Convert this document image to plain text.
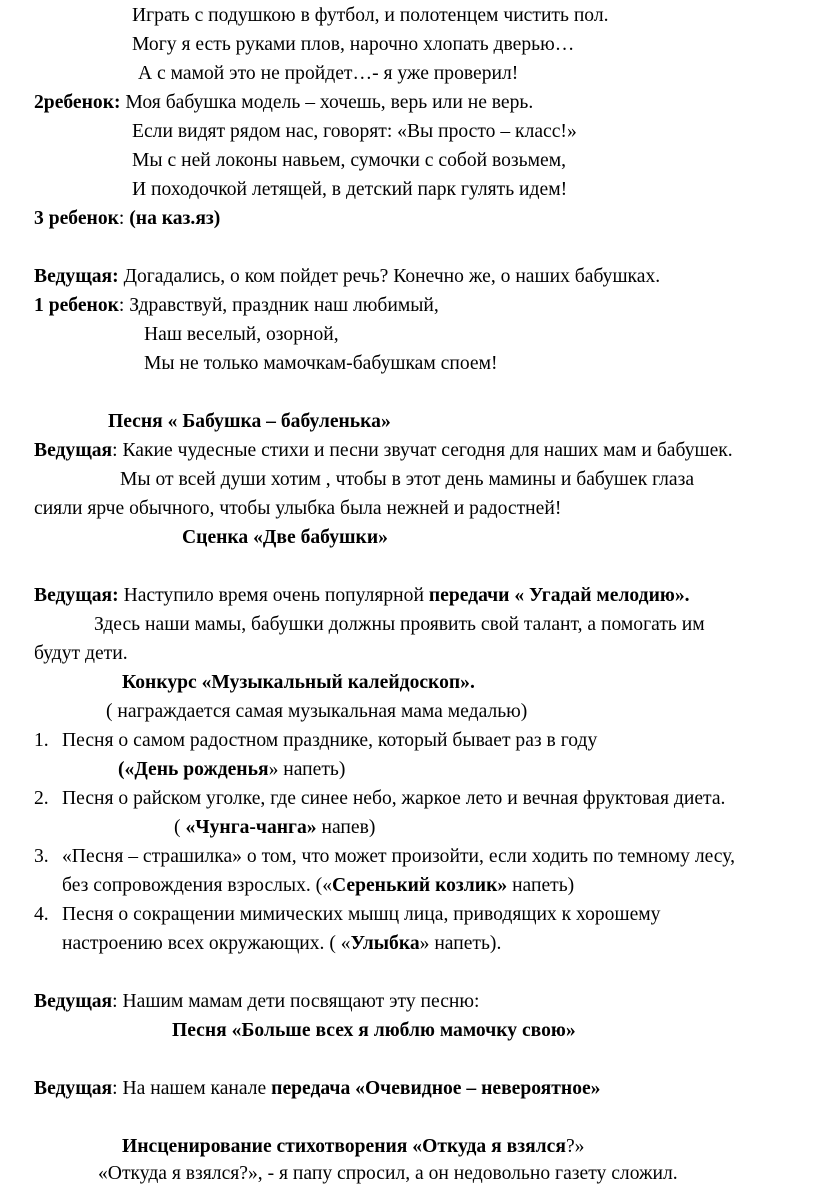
Играть с подушкою в футбол, и полотенцем чистить пол.
Могу я есть руками плов, нарочно хлопать дверью…
А с мамой это не пройдет…- я уже проверил!
2ребенок: Моя бабушка модель – хочешь, верь или не верь.
Если видят рядом нас, говорят: «Вы просто – класс!»
Мы с ней локоны навьем, сумочки с собой возьмем,
И походочкой летящей, в детский парк гулять идем!
3 ребенок: (на каз.яз)
Ведущая: Догадались, о ком пойдет речь? Конечно же, о наших бабушках.
1 ребенок: Здравствуй, праздник наш любимый,
Наш веселый, озорной,
Мы не только мамочкам-бабушкам споем!
Песня « Бабушка – бабуленька»
Ведущая: Какие чудесные стихи и песни звучат сегодня для наших мам и бабушек.
Мы от всей души хотим , чтобы в этот день мамины и бабушек глаза
сияли ярче обычного, чтобы улыбка была нежней и радостней!
Сценка «Две бабушки»
Ведущая: Наступило время очень популярной передачи « Угадай мелодию».
Здесь наши мамы, бабушки должны проявить свой талант, а помогать им
будут дети.
Конкурс «Музыкальный калейдоскоп».
( награждается самая музыкальная мама медалью)
1. Песня о самом радостном празднике, который бывает раз в году
(«День рожденья» напеть)
2. Песня о райском уголке, где синее небо, жаркое лето и вечная фруктовая диета.
( «Чунга-чанга» напев)
3. «Песня – страшилка» о том, что может произойти, если ходить по темному лесу,
без сопровождения взрослых. («Серенький козлик» напеть)
4. Песня о сокращении мимических мышц лица, приводящих к хорошему
настроению всех окружающих. ( «Улыбка» напеть).
Ведущая: Нашим мамам дети посвящают эту песню:
Песня «Больше всех я люблю мамочку свою»
Ведущая: На нашем канале передача «Очевидное – невероятное»
Инсценирование стихотворения «Откуда я взялся?»
«Откуда я взялся?», - я папу спросил, а он недовольно газету сложил.
